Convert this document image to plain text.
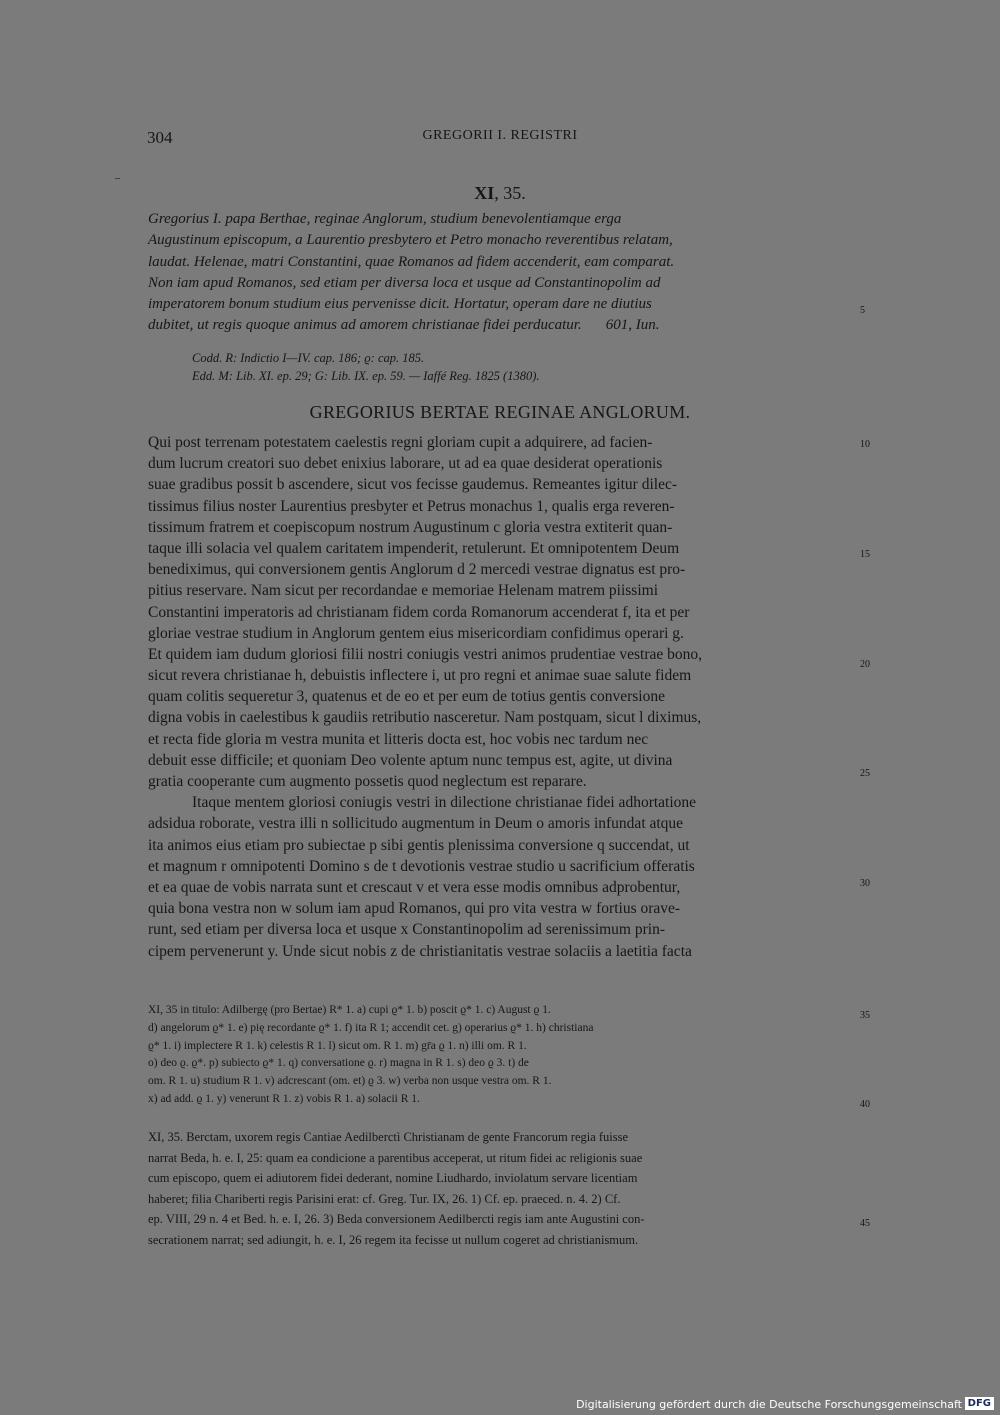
304	GREGORII I. REGISTRI
XI, 35.
Gregorius I. papa Berthae, reginae Anglorum, studium benevolentiamque erga
Augustinum episcopum, a Laurentio presbytero et Petro monacho reverentibus relatam,
laudat. Helenae, matri Constantini, quae Romanos ad fidem accenderit, eam comparat.
Non iam apud Romanos, sed etiam per diversa loca et usque ad Constantinopolim ad
imperatorem bonum studium eius pervenisse dicit. Hortatur, operam dare ne diutius
dubitet, ut regis quoque animus ad amorem christianae fidei perducatur. 601, Iun.
Codd. R: Indictio I—IV. cap. 186; ϱ: cap. 185.
Edd. M: Lib. XI. ep. 29; G: Lib. IX. ep. 59. — Iaffé Reg. 1825 (1380).
GREGORIUS BERTAE REGINAE ANGLORUM.
Qui post terrenam potestatem caelestis regni gloriam cupit a adquirere, ad facien-
dum lucrum creatori suo debet enixius laborare, ut ad ea quae desiderat operationis
suae gradibus possit b ascendere, sicut vos fecisse gaudemus. Remeantes igitur dilec-
tissimus filius noster Laurentius presbyter et Petrus monachus 1, qualis erga reveren-
tissimum fratrem et coepiscopum nostrum Augustinum c gloria vestra extiterit quan-
taque illi solacia vel qualem caritatem impenderit, retulerunt. Et omnipotentem Deum
benediximus, qui conversionem gentis Anglorum d 2 mercedi vestrae dignatus est pro-
pitius reservare. Nam sicut per recordandae e memoriae Helenam matrem piissimi
Constantini imperatoris ad christianam fidem corda Romanorum accenderat f, ita et per
gloriae vestrae studium in Anglorum gentem eius misericordiam confidimus operari g.
Et quidem iam dudum gloriosi filii nostri coniugis vestri animos prudentiae vestrae bono,
sicut revera christianae h, debuistis inflectere i, ut pro regni et animae suae salute fidem
quam colitis sequeretur 3, quatenus et de eo et per eum de totius gentis conversione
digna vobis in caelestibus k gaudiis retributio nasceretur. Nam postquam, sicut l diximus,
et recta fide gloria m vestra munita et litteris docta est, hoc vobis nec tardum nec
debuit esse difficile; et quoniam Deo volente aptum nunc tempus est, agite, ut divina
gratia cooperante cum augmento possetis quod neglectum est reparare.
Itaque mentem gloriosi coniugis vestri in dilectione christianae fidei adhortatione
adsidua roborate, vestra illi n sollicitudo augmentum in Deum o amoris infundat atque
ita animos eius etiam pro subiectae p sibi gentis plenissima conversione q succendat, ut
et magnum r omnipotenti Domino s de t devotionis vestrae studio u sacrificium offeratis
et ea quae de vobis narrata sunt et crescaut v et vera esse modis omnibus adprobentur,
quia bona vestra non w solum iam apud Romanos, qui pro vita vestra w fortius orave-
runt, sed etiam per diversa loca et usque x Constantinopolim ad serenissimum prin-
cipem pervenerunt y. Unde sicut nobis z de christianitatis vestrae solaciis a laetitia facta
XI, 35 in titulo: Adilbergę (pro Bertae) R* 1. a) cupi ϱ* 1. b) poscit ϱ* 1. c) August ϱ 1.
d) angelorum ϱ* 1. e) pię recordante ϱ* 1. f) ita R 1; accendit cet. g) operarius ϱ* 1. h) christiana
ϱ* 1. i) implectere R 1. k) celestis R 1. l) sicut om. R 1. m) gr̄a ϱ 1. n) illi om. R 1.
o) deo ϱ. ϱ*. p) subiecto ϱ* 1. q) conversatione ϱ. r) magna in R 1. s) deo ϱ 3. t) de
om. R 1. u) studium R 1. v) adcrescant (om. et) ϱ 3. w) verba non usque vestra om. R 1.
x) ad add. ϱ 1. y) venerunt R 1. z) vobis R 1. a) solacii R 1.
XI, 35. Berctam, uxorem regis Cantiae Aedilberctì Christianam de gente Francorum regia fuisse
narrat Beda, h. e. I, 25: quam ea condicione a parentibus acceperat, ut ritum fidei ac religionis suae
cum episcopo, quem ei adiutorem fidei dederant, nomine Liudhardo, inviolatum servare licentiam
haberet; filia Chariberti regis Parisini erat: cf. Greg. Tur. IX, 26. 1) Cf. ep. praeced. n. 4. 2) Cf.
ep. VIII, 29 n. 4 et Bed. h. e. I, 26. 3) Beda conversionem Aedilbercti regis iam ante Augustini con-
secrationem narrat; sed adiungit, h. e. I, 26 regem ita fecisse ut nullum cogeret ad christianismum.
5
10
15
20
25
30
35
40
45
Digitalisierung gefördert durch die Deutsche Forschungsgemeinschaft DFG
